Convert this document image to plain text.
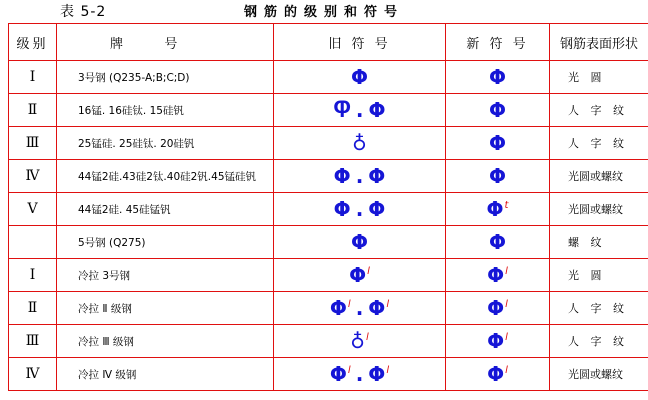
表 5-2	钢筋的级别和符号
级别	牌          号	旧 符 号	新 符 号	钢筋表面形状
Ⅰ	3号钢 (Q235-A;B;C;D)	Φ	Φ	光 圆
Ⅱ	16锰. 16硅钛. 15硅钒	Ⴔ . Φ	Φ	人 字 纹
Ⅲ	25锰硅. 25硅钛. 20硅钒	♁	Φ	人 字 纹
Ⅳ	44锰2硅.43硅2钛.40硅2钒.45锰硅钒	Φ . Φ	Φ	光圆或螺纹
Ⅴ	44锰2硅. 45硅锰钒	Φ . Φ	$\Phi^t$	光圆或螺纹
	5号钢 (Q275)	Φ	Φ	螺 纹
Ⅰ	冷拉 3号钢	$\Phi^l$	$\Phi^l$	光 圆
Ⅱ	冷拉 Ⅱ 级钢	$\Phi^l$ . $\Phi^l$	$\Phi^l$	人 字 纹
Ⅲ	冷拉 Ⅲ 级钢	♁$^l$	$\Phi^l$	人 字 纹
Ⅳ	冷拉 Ⅳ 级钢	$\Phi^l$ . $\Phi^l$	$\Phi^l$	光圆或螺纹
